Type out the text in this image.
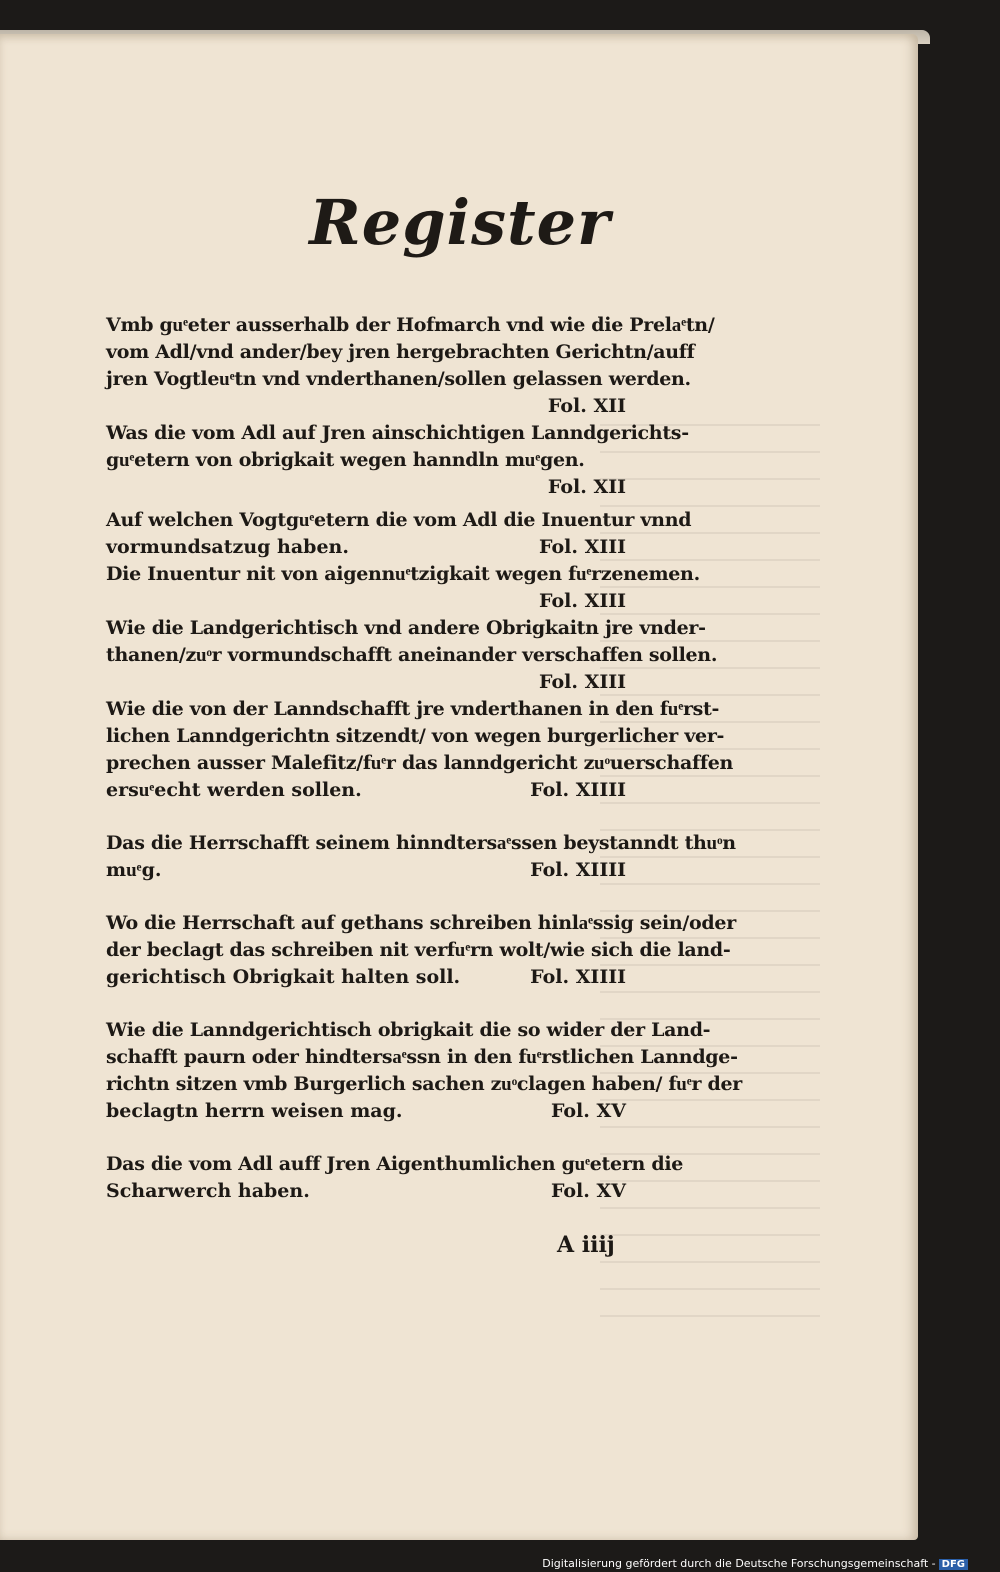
Register
Vmb guͤeter ausserhalb der Hofmarch vnd wie die Prelaͤtn/
vom Adl/vnd ander/bey jren hergebrachten Gerichtn/auff
jren Vogtleuͤtn vnd vnderthanen/sollen gelassen werden.
Fol. XII
Was die vom Adl auf Jren ainschichtigen Lanndgerichts-
guͤetern von obrigkait wegen hanndln muͤgen.
Fol. XII
Auf welchen Vogtguͤetern die vom Adl die Inuentur vnnd
vormundsatzug haben.	Fol. XIII
Die Inuentur nit von aigennuͤtzigkait wegen fuͤrzenemen.
Fol. XIII
Wie die Landgerichtisch vnd andere Obrigkaitn jre vnder-
thanen/zuͦr vormundschafft aneinander verschaffen sollen.
Fol. XIII
Wie die von der Lanndschafft jre vnderthanen in den fuͤrst-
lichen Lanndgerichtn sitzendt/ von wegen burgerlicher ver-
prechen ausser Malefitz/fuͤr das lanndgericht zuͦuerschaffen
ersuͤecht werden sollen.	Fol. XIIII
Das die Herrschafft seinem hinndtersaͤssen beystanndt thuͦn
muͤg.	Fol. XIIII
Wo die Herrschaft auf gethans schreiben hinlaͤssig sein/oder
der beclagt das schreiben nit verfuͤrn wolt/wie sich die land-
gerichtisch Obrigkait halten soll.	Fol. XIIII
Wie die Lanndgerichtisch obrigkait die so wider der Land-
schafft paurn oder hindtersaͤssn in den fuͤrstlichen Lanndge-
richtn sitzen vmb Burgerlich sachen zuͦclagen haben/ fuͤr der
beclagtn herrn weisen mag.	Fol. XV
Das die vom Adl auff Jren Aigenthumlichen guͤetern die
Scharwerch haben.	Fol. XV
A iiij
Digitalisierung gefördert durch die Deutsche Forschungsgemeinschaft - DFG
